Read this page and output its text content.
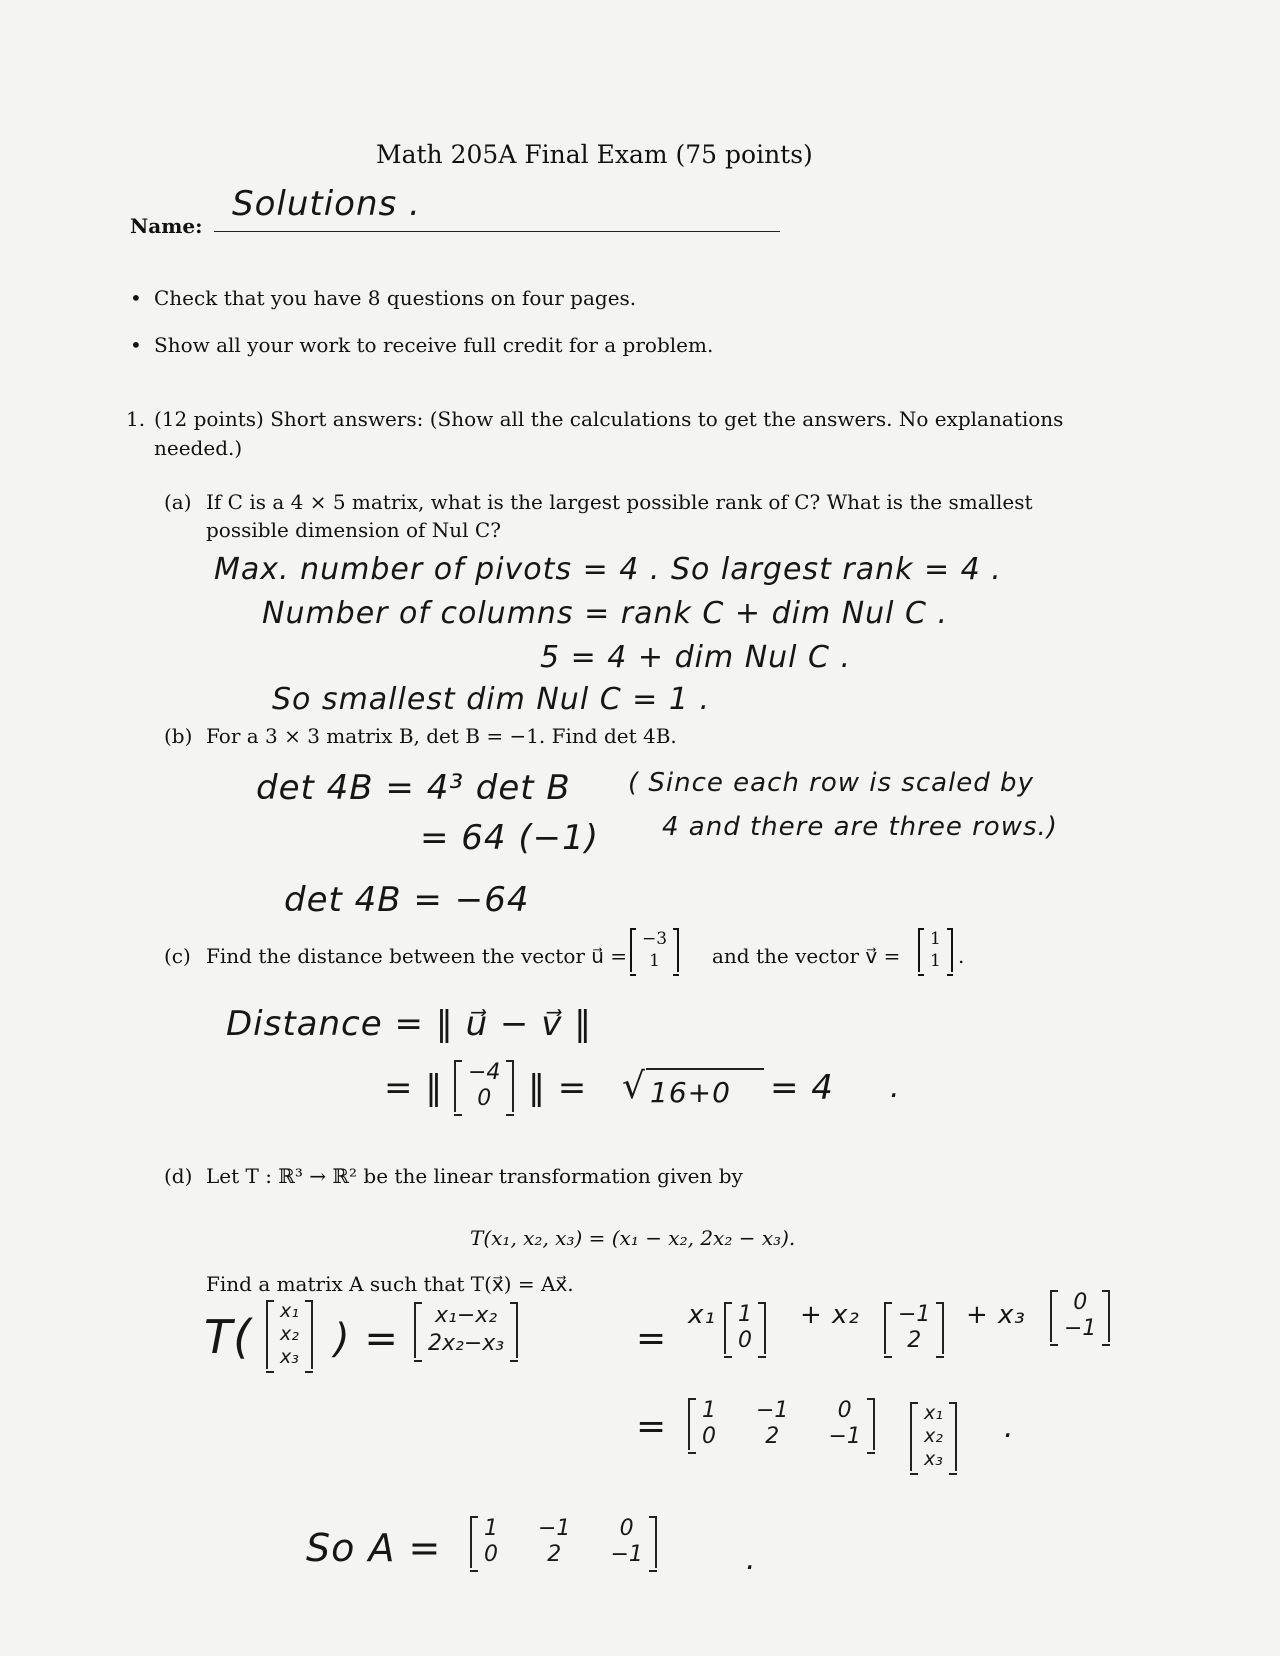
Math 205A Final Exam (75 points)
Name:
Solutions .
• Check that you have 8 questions on four pages.
• Show all your work to receive full credit for a problem.
1. (12 points) Short answers: (Show all the calculations to get the answers. No explanations
needed.)
(a) If C is a 4 × 5 matrix, what is the largest possible rank of C? What is the smallest
possible dimension of Nul C?
Max. number of pivots = 4 . So largest rank = 4 .
Number of columns = rank C + dim Nul C .
5 = 4 + dim Nul C .
So smallest dim Nul C = 1 .
(b) For a 3 × 3 matrix B, det B = −1. Find det 4B.
det 4B = 4³ det B ( Since each row is scaled by
4 and there are three rows.)
= 64 (−1)
det 4B = −64
(c) Find the distance between the vector u⃗ =
−3
1	and the vector v⃗ =
1
1 .
Distance = ‖ u⃗ − v⃗ ‖
= ‖ −4
0 ‖ = √ 16+0 = 4 .
(d) Let T : ℝ³ → ℝ² be the linear transformation given by
T(x₁, x₂, x₃) = (x₁ − x₂, 2x₂ − x₃).
Find a matrix A such that T(x⃗) = Ax⃗.
T( x₁
x₂
x₃ ) =
x₁−x₂
2x₂−x₃	=
x₁ 1
0
+ x₂ −1
2
+ x₃	0
−1
= 1 −1	0
0	2	−1
x₁
x₂
x₃
.
So A = 1 −1	0
0	2	−1	.
